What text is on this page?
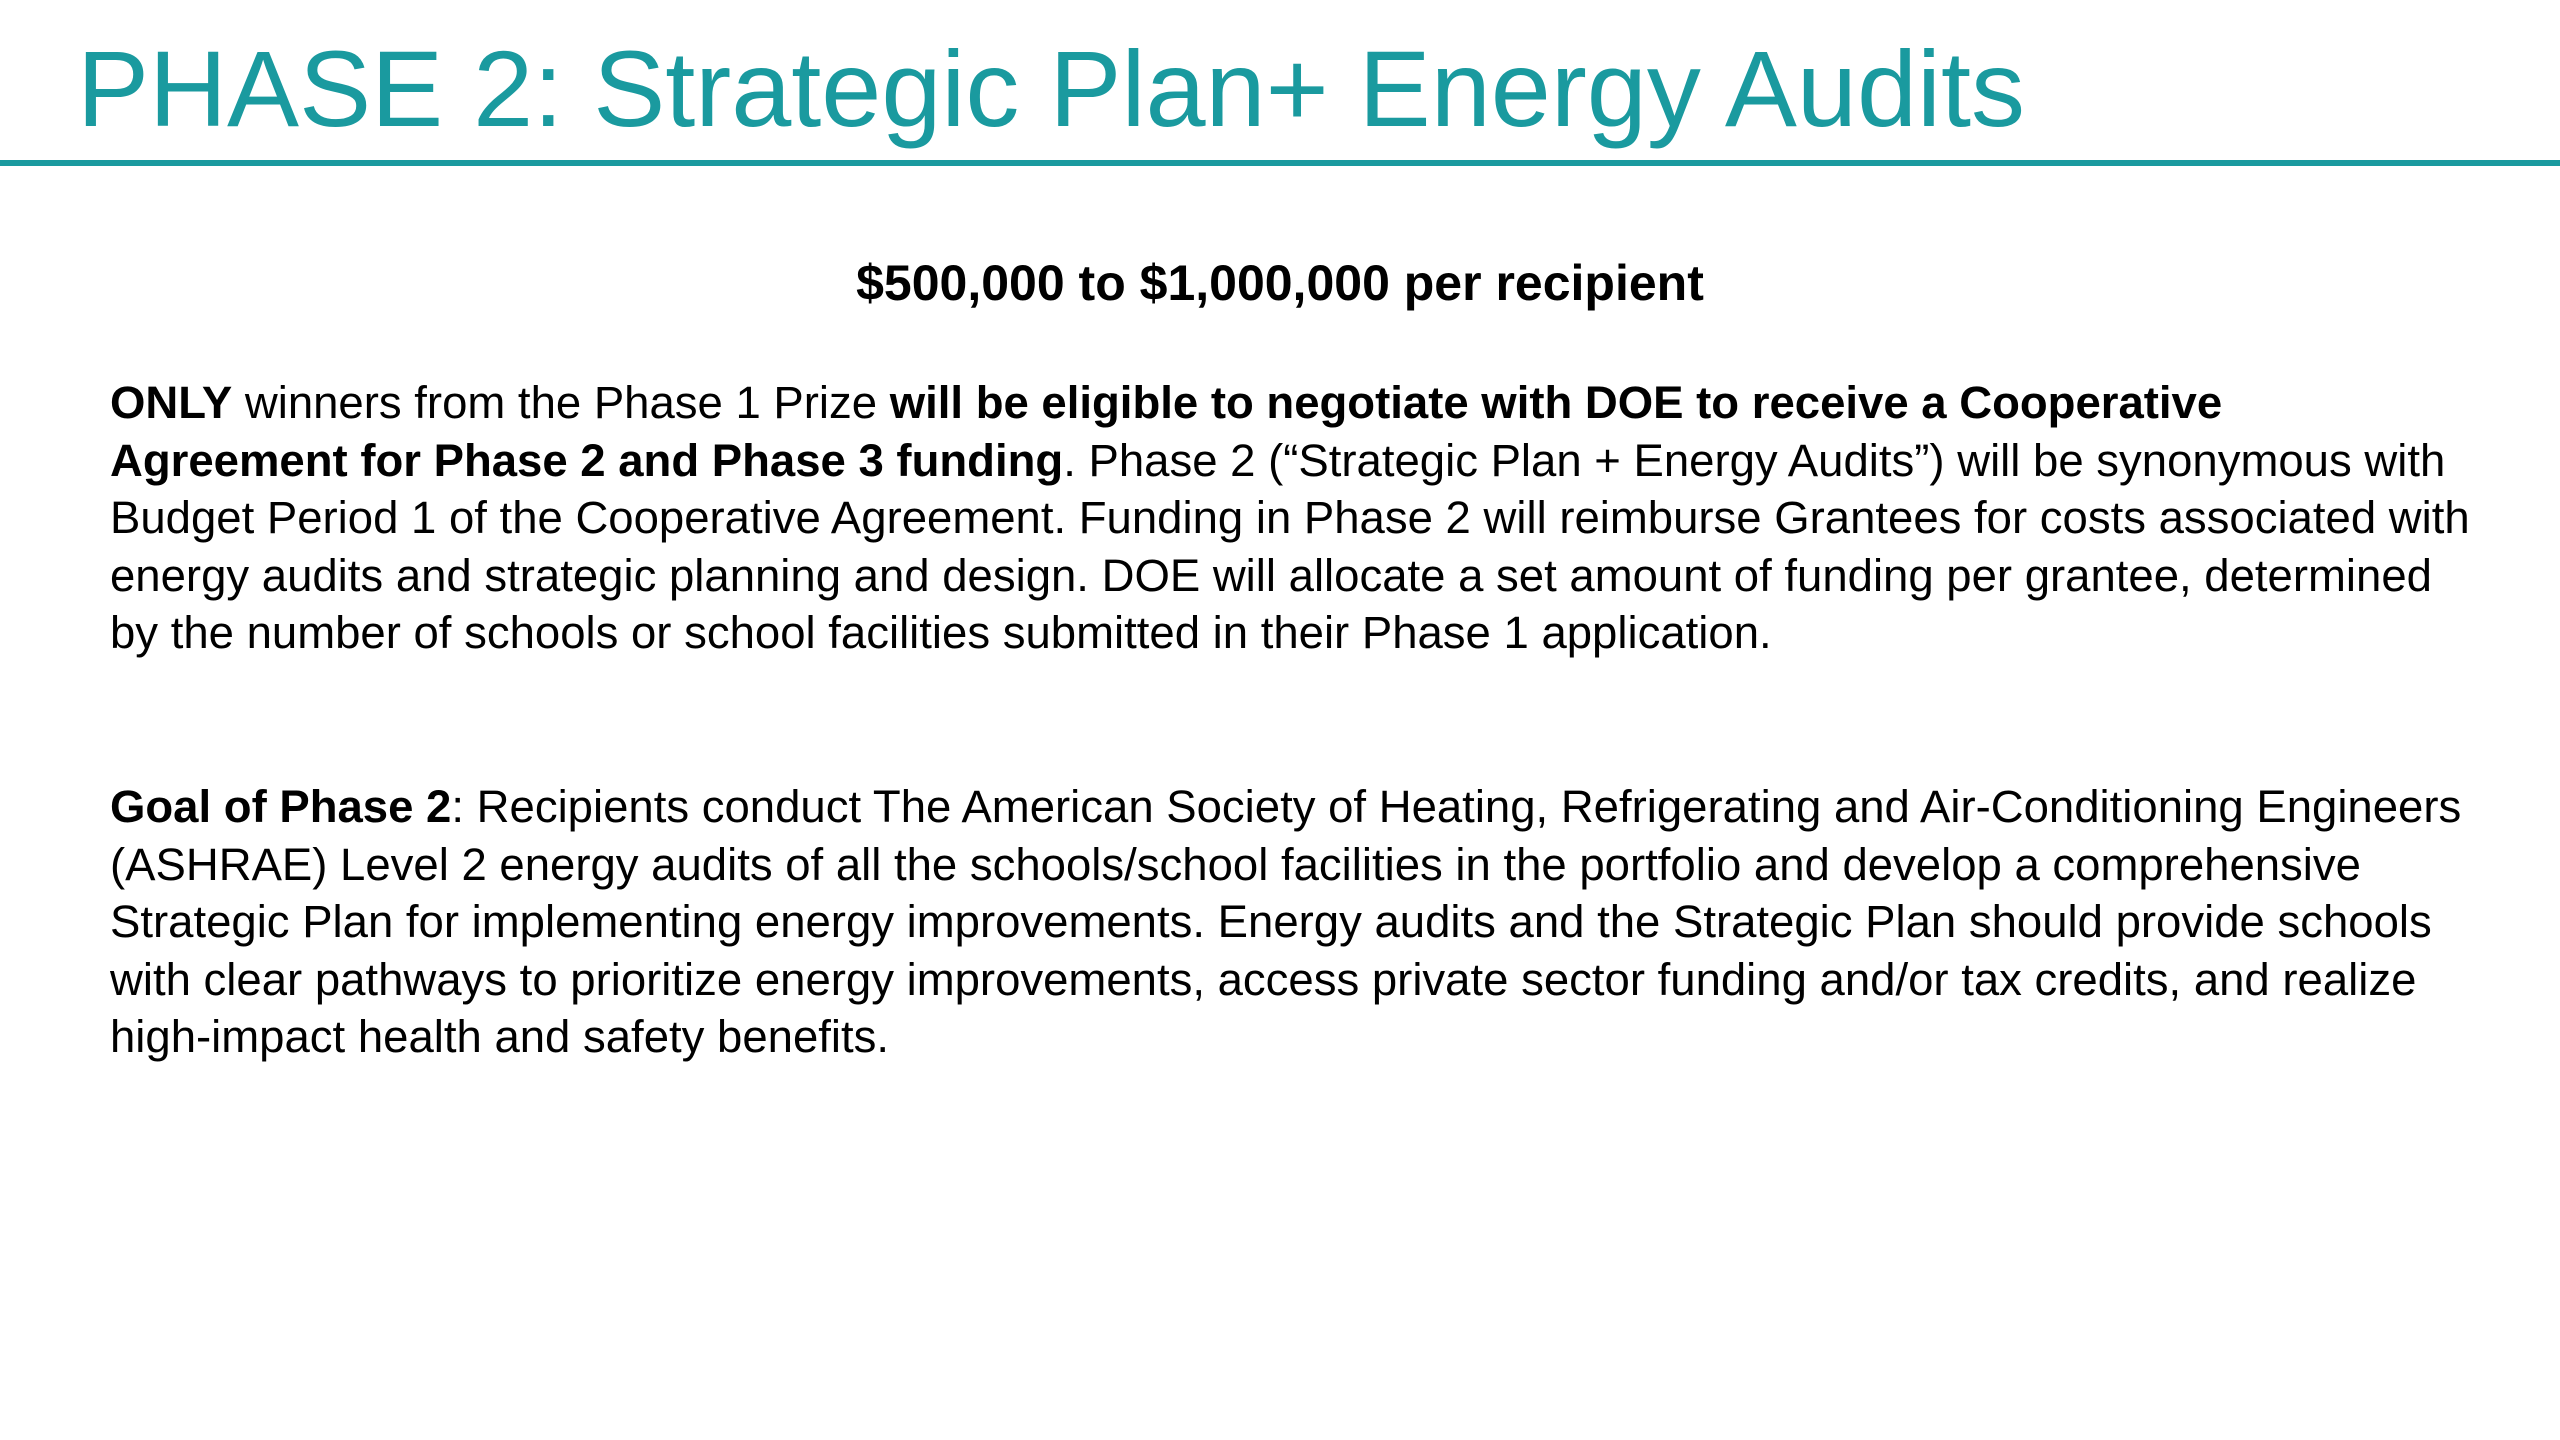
PHASE 2: Strategic Plan+ Energy Audits

$500,000 to $1,000,000 per recipient

ONLY winners from the Phase 1 Prize will be eligible to negotiate with DOE to receive a Cooperative Agreement for Phase 2 and Phase 3 funding. Phase 2 (“Strategic Plan + Energy Audits”) will be synonymous with Budget Period 1 of the Cooperative Agreement. Funding in Phase 2 will reimburse Grantees for costs associated with energy audits and strategic planning and design. DOE will allocate a set amount of funding per grantee, determined by the number of schools or school facilities submitted in their Phase 1 application.

Goal of Phase 2: Recipients conduct The American Society of Heating, Refrigerating and Air-Conditioning Engineers (ASHRAE) Level 2 energy audits of all the schools/school facilities in the portfolio and develop a comprehensive Strategic Plan for implementing energy improvements. Energy audits and the Strategic Plan should provide schools with clear pathways to prioritize energy improvements, access private sector funding and/or tax credits, and realize high-impact health and safety benefits.
